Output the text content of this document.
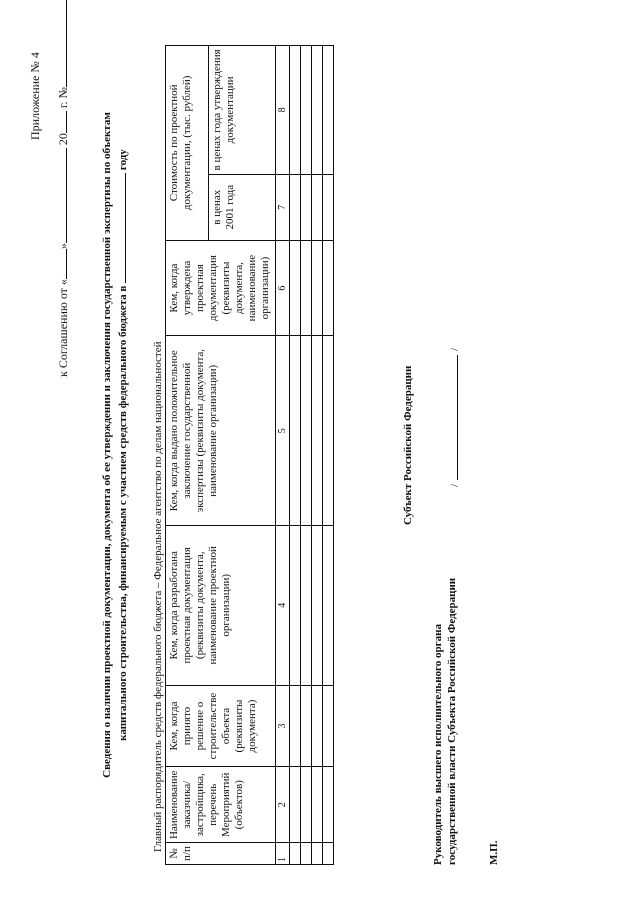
Приложение № 4
к Соглашению от «» 20 г. №
Сведения о наличии проектной документации, документа об ее утверждении и заключения государственной экспертизы по объектам капитального строительства, финансируемым с участием средств федерального бюджета в  году
Главный распорядитель средств федерального бюджета – Федеральное агентство по делам национальностей
№ п/п	Наименование заказчика/ застройщика, перечень Мероприятий (объектов)	Кем, когда принято решение о строительстве объекта (реквизиты документа)	Кем, когда разработана проектная документация (реквизиты документа, наименование проектной организации)	Кем, когда выдано положительное заключение государственной экспертизы (реквизиты документа, наименование организации)	Кем, когда утверждена проектная документация (реквизиты документа, наименование организации)	Стоимость по проектной документации, (тыс. рублей)	
						в ценах 2001 года	в ценах года утверждения документации
1	2	3	4	5	6	7	8

Субъект Российской Федерации
Руководитель высшего исполнительного органа государственной власти Субъекта Российской Федерации
//
М.П.
